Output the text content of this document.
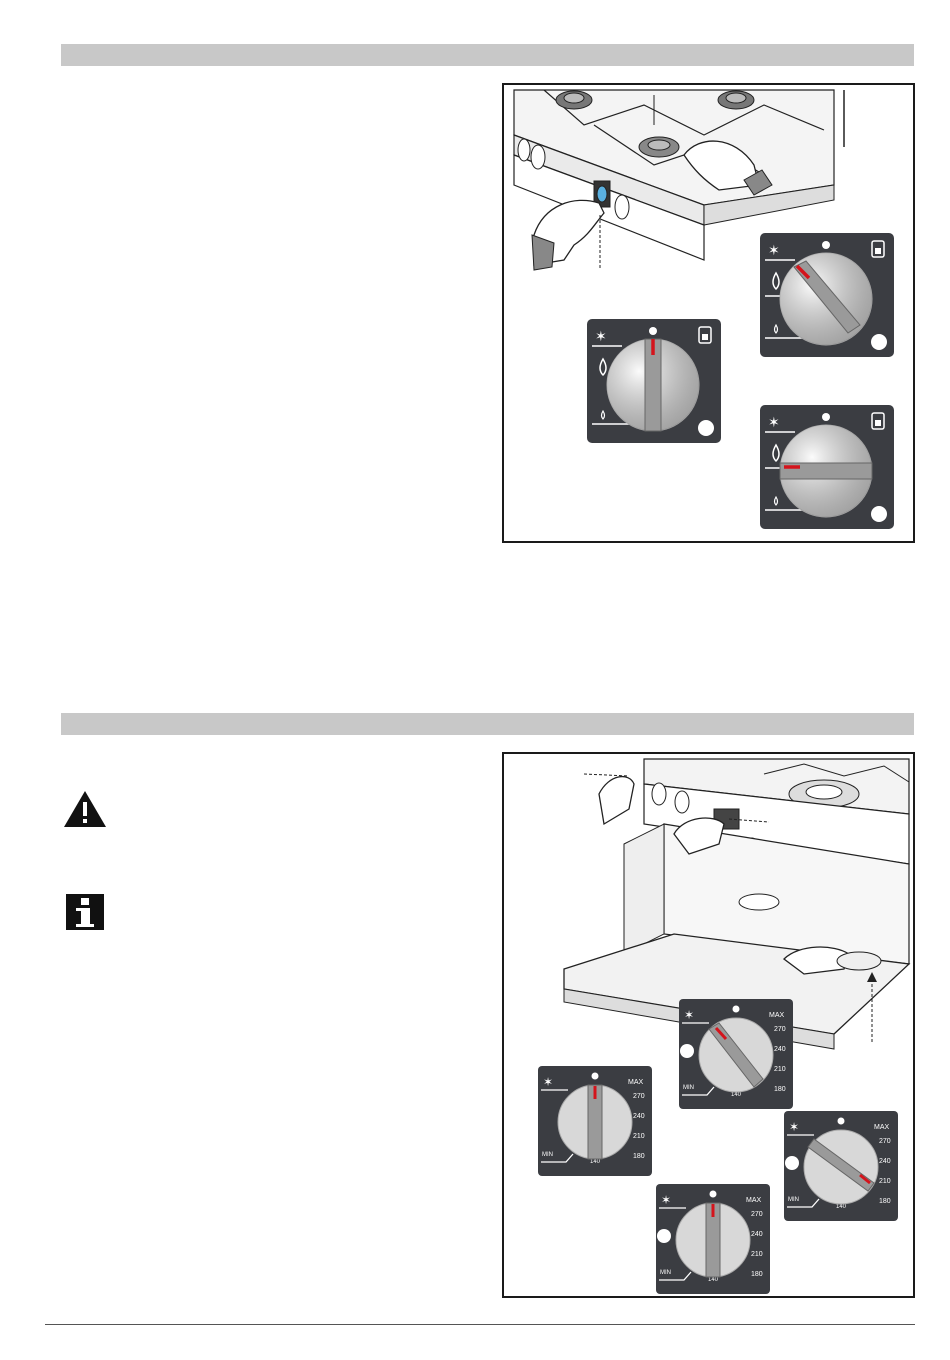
✶
✶
✶
✶	MAX
270
240
210
180
140
MIN
✶	MAX
270
240
210
180
140
MIN
✶	MAX
270
240
210
180
140
MIN
✶	MAX
270
240
210
180
140
MIN
